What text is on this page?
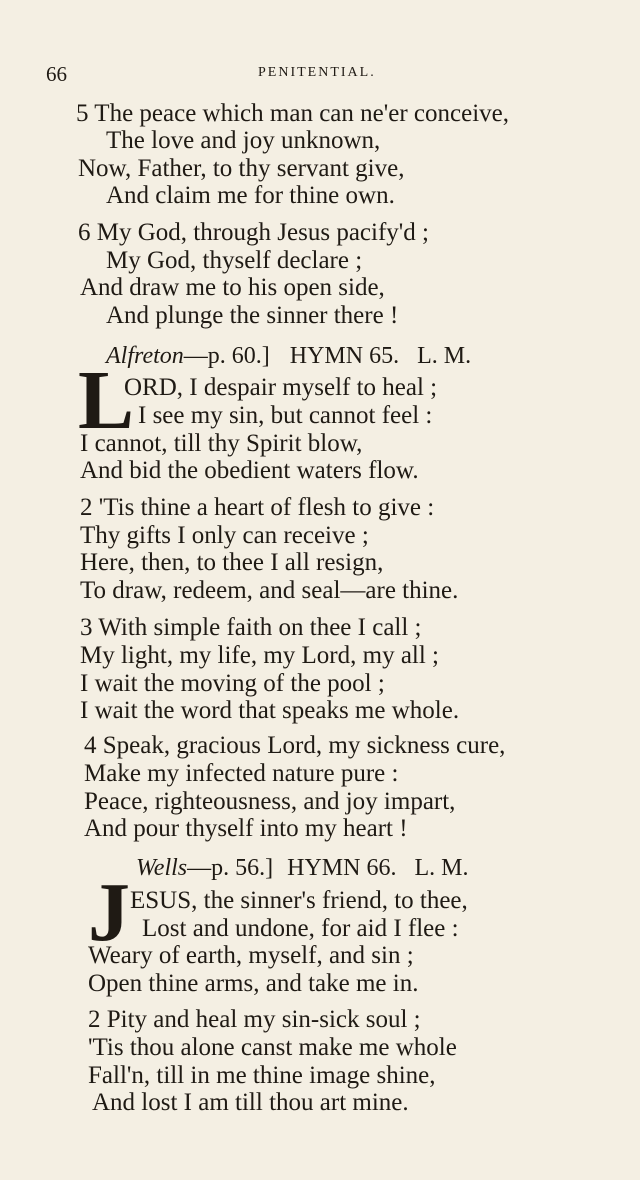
66	PENITENTIAL.
5 The peace which man can ne'er conceive,
The love and joy unknown,
Now, Father, to thy servant give,
And claim me for thine own.
6 My God, through Jesus pacify'd ;
My God, thyself declare ;
And draw me to his open side,
And plunge the sinner there !
Alfreton—p. 60.] HYMN 65. L. M.
L
ORD, I despair myself to heal ;
I see my sin, but cannot feel :
I cannot, till thy Spirit blow,
And bid the obedient waters flow.
2 'Tis thine a heart of flesh to give :
Thy gifts I only can receive ;
Here, then, to thee I all resign,
To draw, redeem, and seal—are thine.
3 With simple faith on thee I call ;
My light, my life, my Lord, my all ;
I wait the moving of the pool ;
I wait the word that speaks me whole.
4 Speak, gracious Lord, my sickness cure,
Make my infected nature pure :
Peace, righteousness, and joy impart,
And pour thyself into my heart !
Wells—p. 56.] HYMN 66. L. M.
J ESUS, the sinner's friend, to thee,
Lost and undone, for aid I flee :
Weary of earth, myself, and sin ;
Open thine arms, and take me in.
2 Pity and heal my sin-sick soul ;
'Tis thou alone canst make me whole
Fall'n, till in me thine image shine,
And lost I am till thou art mine.
